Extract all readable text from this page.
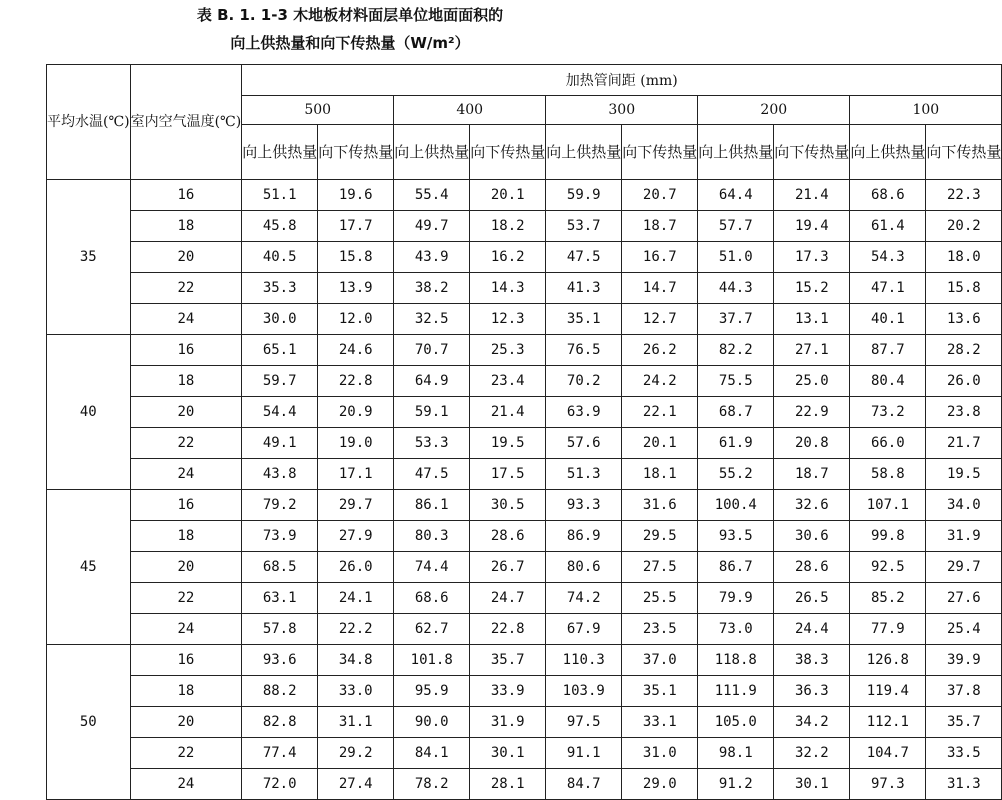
表 B. 1. 1-3 木地板材料面层单位地面面积的
向上供热量和向下传热量（W/m²）
平均水温(℃)	室内空气温度(℃)	加热管间距 (mm)									
		500		400		300		200		100	
		向上供热量	向下传热量	向上供热量	向下传热量	向上供热量	向下传热量	向上供热量	向下传热量	向上供热量	向下传热量
35	16	51.1	19.6	55.4	20.1	59.9	20.7	64.4	21.4	68.6	22.3
	18	45.8	17.7	49.7	18.2	53.7	18.7	57.7	19.4	61.4	20.2
	20	40.5	15.8	43.9	16.2	47.5	16.7	51.0	17.3	54.3	18.0
	22	35.3	13.9	38.2	14.3	41.3	14.7	44.3	15.2	47.1	15.8
	24	30.0	12.0	32.5	12.3	35.1	12.7	37.7	13.1	40.1	13.6
40	16	65.1	24.6	70.7	25.3	76.5	26.2	82.2	27.1	87.7	28.2
	18	59.7	22.8	64.9	23.4	70.2	24.2	75.5	25.0	80.4	26.0
	20	54.4	20.9	59.1	21.4	63.9	22.1	68.7	22.9	73.2	23.8
	22	49.1	19.0	53.3	19.5	57.6	20.1	61.9	20.8	66.0	21.7
	24	43.8	17.1	47.5	17.5	51.3	18.1	55.2	18.7	58.8	19.5
45	16	79.2	29.7	86.1	30.5	93.3	31.6	100.4	32.6	107.1	34.0
	18	73.9	27.9	80.3	28.6	86.9	29.5	93.5	30.6	99.8	31.9
	20	68.5	26.0	74.4	26.7	80.6	27.5	86.7	28.6	92.5	29.7
	22	63.1	24.1	68.6	24.7	74.2	25.5	79.9	26.5	85.2	27.6
	24	57.8	22.2	62.7	22.8	67.9	23.5	73.0	24.4	77.9	25.4
50	16	93.6	34.8	101.8	35.7	110.3	37.0	118.8	38.3	126.8	39.9
	18	88.2	33.0	95.9	33.9	103.9	35.1	111.9	36.3	119.4	37.8
	20	82.8	31.1	90.0	31.9	97.5	33.1	105.0	34.2	112.1	35.7
	22	77.4	29.2	84.1	30.1	91.1	31.0	98.1	32.2	104.7	33.5
	24	72.0	27.4	78.2	28.1	84.7	29.0	91.2	30.1	97.3	31.3
